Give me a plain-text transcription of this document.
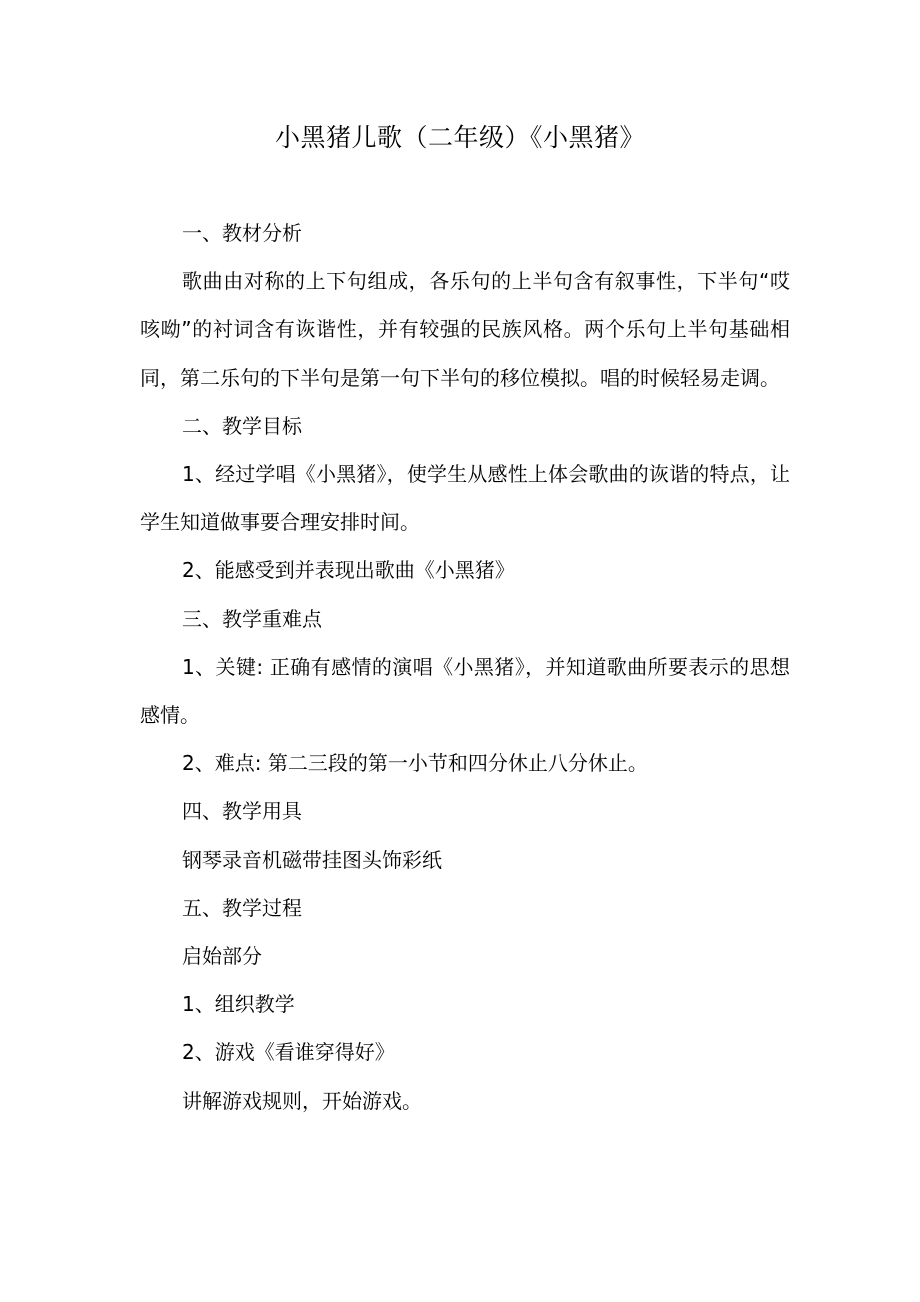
小黑猪儿歌（二年级）《小黑猪》

一、教材分析

歌曲由对称的上下句组成，各乐句的上半句含有叙事性，下半句“哎咳呦”的衬词含有诙谐性，并有较强的民族风格。两个乐句上半句基础相同，第二乐句的下半句是第一句下半句的移位模拟。唱的时候轻易走调。

二、教学目标

1、经过学唱《小黑猪》，使学生从感性上体会歌曲的诙谐的特点，让学生知道做事要合理安排时间。

2、能感受到并表现出歌曲《小黑猪》

三、教学重难点

1、关键: 正确有感情的演唱《小黑猪》，并知道歌曲所要表示的思想感情。

2、难点: 第二三段的第一小节和四分休止八分休止。

四、教学用具

钢琴录音机磁带挂图头饰彩纸

五、教学过程

启始部分

1、组织教学

2、游戏《看谁穿得好》

讲解游戏规则，开始游戏。
